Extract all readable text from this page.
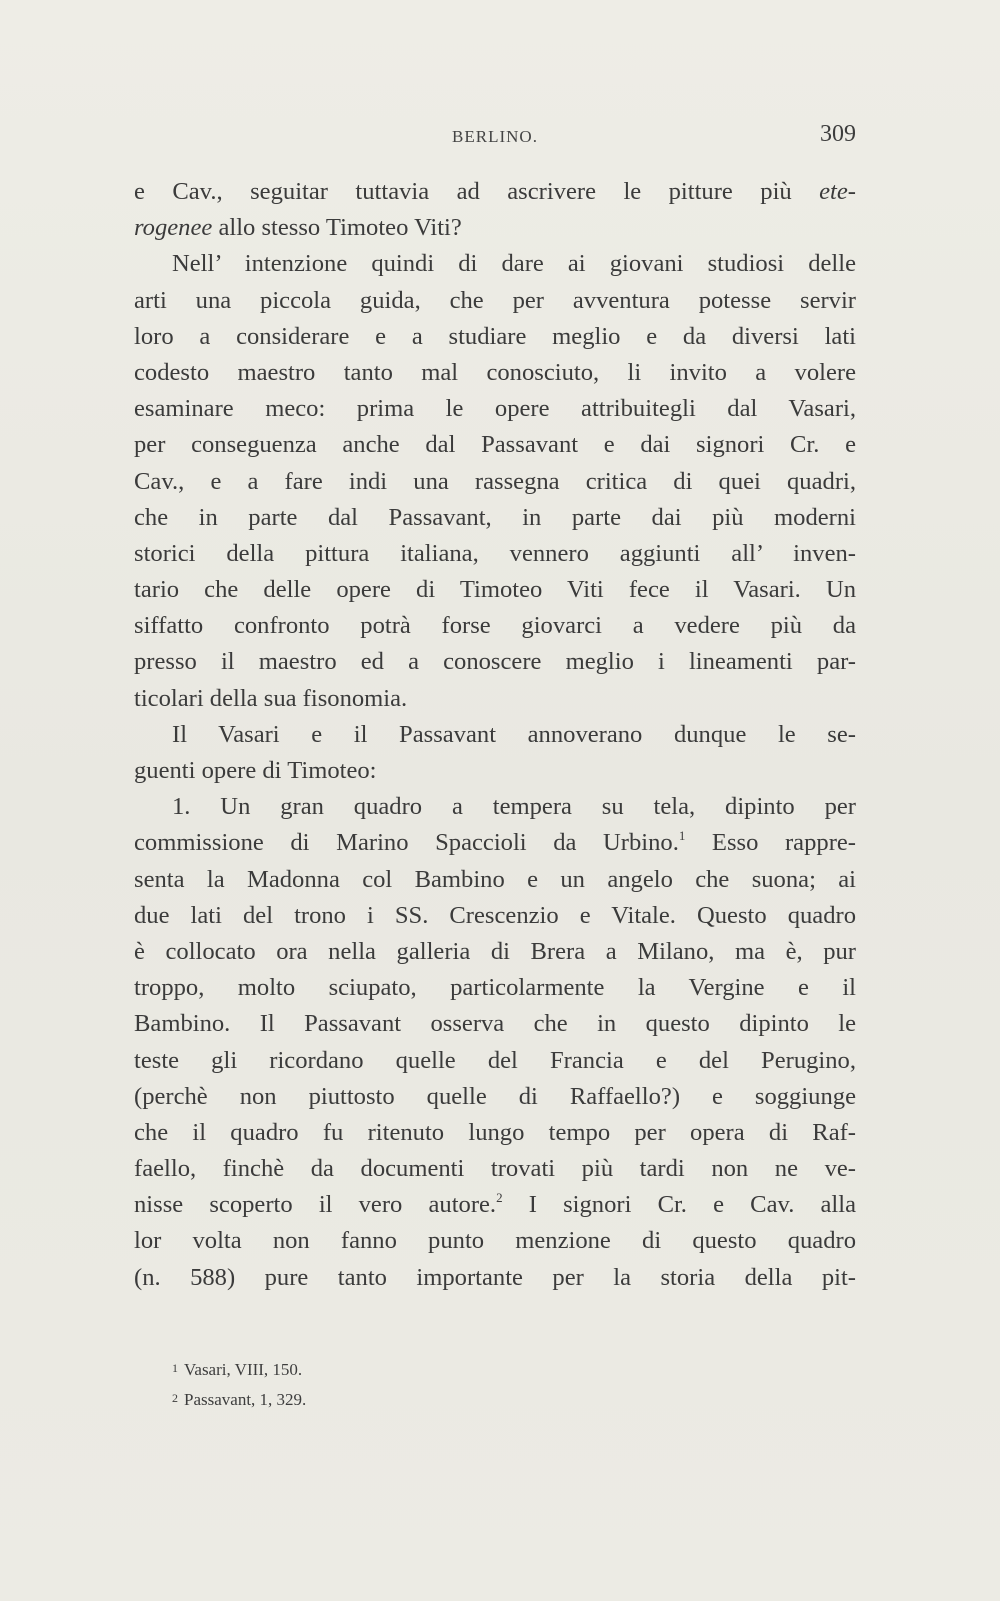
BERLINO.	309
e Cav., seguitar tuttavia ad ascrivere le pitture più ete-
rogenee allo stesso Timoteo Viti?
Nell’ intenzione quindi di dare ai giovani studiosi delle
arti una piccola guida, che per avventura potesse servir
loro a considerare e a studiare meglio e da diversi lati
codesto maestro tanto mal conosciuto, li invito a volere
esaminare meco: prima le opere attribuitegli dal Vasari,
per conseguenza anche dal Passavant e dai signori Cr. e
Cav., e a fare indi una rassegna critica di quei quadri,
che in parte dal Passavant, in parte dai più moderni
storici della pittura italiana, vennero aggiunti all’ inven-
tario che delle opere di Timoteo Viti fece il Vasari. Un
siffatto confronto potrà forse giovarci a vedere più da
presso il maestro ed a conoscere meglio i lineamenti par-
ticolari della sua fisonomia.
Il Vasari e il Passavant annoverano dunque le se-
guenti opere di Timoteo:
1. Un gran quadro a tempera su tela, dipinto per
commissione di Marino Spaccioli da Urbino.$^1$ Esso rappre-
senta la Madonna col Bambino e un angelo che suona; ai
due lati del trono i SS. Crescenzio e Vitale. Questo quadro
è collocato ora nella galleria di Brera a Milano, ma è, pur
troppo, molto sciupato, particolarmente la Vergine e il
Bambino. Il Passavant osserva che in questo dipinto le
teste gli ricordano quelle del Francia e del Perugino,
(perchè non piuttosto quelle di Raffaello?) e soggiunge
che il quadro fu ritenuto lungo tempo per opera di Raf-
faello, finchè da documenti trovati più tardi non ne ve-
nisse scoperto il vero autore.$^2$ I signori Cr. e Cav. alla
lor volta non fanno punto menzione di questo quadro
(n. 588) pure tanto importante per la storia della pit-
1 Vasari, VIII, 150.
2 Passavant, 1, 329.
